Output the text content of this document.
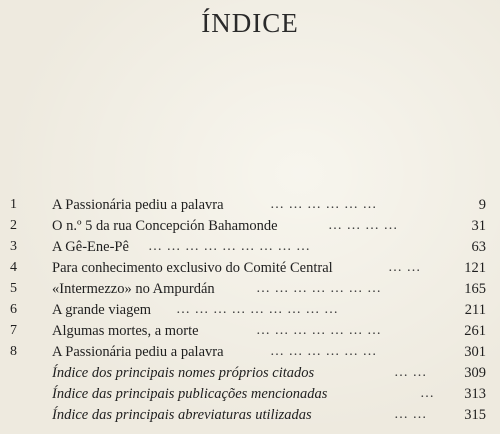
ÍNDICE
1	A Passionária pediu a palavra	… … … … … …	9
2	O n.º 5 da rua Concepción Bahamonde	… … … …	31
3	A Gê-Ene-Pê … … … … … … … … …	63
4	Para conhecimento exclusivo do Comité Central	… …	121
5	«Intermezzo» no Ampurdán	… … … … … … …	165
6	A grande viagem … … … … … … … … …	211
7	Algumas mortes, a morte	… … … … … … …	261
8	A Passionária pediu a palavra	… … … … … …	301
Índice dos principais nomes próprios citados	… …	309
Índice das principais publicações mencionadas	…	313
Índice das principais abreviaturas utilizadas	… …	315
